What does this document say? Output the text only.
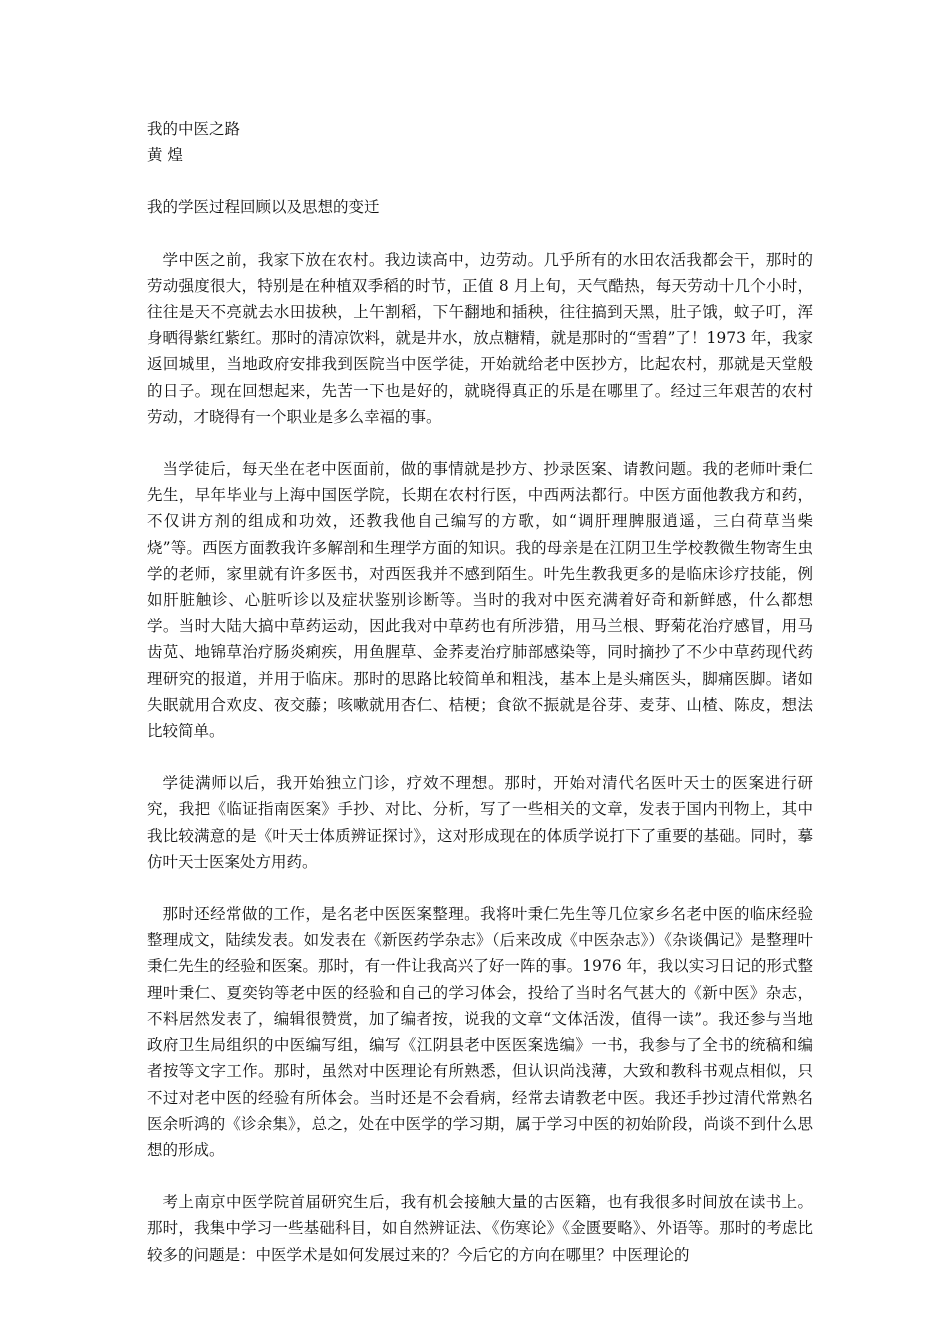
我的中医之路

黄 煌

我的学医过程回顾以及思想的变迁

学中医之前，我家下放在农村。我边读高中，边劳动。几乎所有的水田农活我都会干，那时的劳动强度很大，特别是在种植双季稻的时节，正值 8 月上旬，天气酷热，每天劳动十几个小时，往往是天不亮就去水田拔秧，上午割稻，下午翻地和插秧，往往搞到天黑，肚子饿，蚊子叮，浑身晒得紫红紫红。那时的清凉饮料，就是井水，放点糖精，就是那时的“雪碧”了！1973 年，我家返回城里，当地政府安排我到医院当中医学徒，开始就给老中医抄方，比起农村，那就是天堂般的日子。现在回想起来，先苦一下也是好的，就晓得真正的乐是在哪里了。经过三年艰苦的农村劳动，才晓得有一个职业是多么幸福的事。

当学徒后，每天坐在老中医面前，做的事情就是抄方、抄录医案、请教问题。我的老师叶秉仁先生，早年毕业与上海中国医学院，长期在农村行医，中西两法都行。中医方面他教我方和药，不仅讲方剂的组成和功效，还教我他自己编写的方歌，如“调肝理脾服逍遥，三白荷草当柴烧”等。西医方面教我许多解剖和生理学方面的知识。我的母亲是在江阴卫生学校教微生物寄生虫学的老师，家里就有许多医书，对西医我并不感到陌生。叶先生教我更多的是临床诊疗技能，例如肝脏触诊、心脏听诊以及症状鉴别诊断等。当时的我对中医充满着好奇和新鲜感，什么都想学。当时大陆大搞中草药运动，因此我对中草药也有所涉猎，用马兰根、野菊花治疗感冒，用马齿苋、地锦草治疗肠炎痢疾，用鱼腥草、金荞麦治疗肺部感染等，同时摘抄了不少中草药现代药理研究的报道，并用于临床。那时的思路比较简单和粗浅，基本上是头痛医头，脚痛医脚。诸如失眠就用合欢皮、夜交藤；咳嗽就用杏仁、桔梗；食欲不振就是谷芽、麦芽、山楂、陈皮，想法比较简单。

学徒满师以后，我开始独立门诊，疗效不理想。那时，开始对清代名医叶天士的医案进行研究，我把《临证指南医案》手抄、对比、分析，写了一些相关的文章，发表于国内刊物上，其中我比较满意的是《叶天士体质辨证探讨》，这对形成现在的体质学说打下了重要的基础。同时，摹仿叶天士医案处方用药。

那时还经常做的工作，是名老中医医案整理。我将叶秉仁先生等几位家乡名老中医的临床经验整理成文，陆续发表。如发表在《新医药学杂志》（后来改成《中医杂志》）《杂谈偶记》是整理叶秉仁先生的经验和医案。那时，有一件让我高兴了好一阵的事。1976 年，我以实习日记的形式整理叶秉仁、夏奕钧等老中医的经验和自己的学习体会，投给了当时名气甚大的《新中医》杂志，不料居然发表了，编辑很赞赏，加了编者按，说我的文章“文体活泼，值得一读”。我还参与当地政府卫生局组织的中医编写组，编写《江阴县老中医医案选编》一书，我参与了全书的统稿和编者按等文字工作。那时，虽然对中医理论有所熟悉，但认识尚浅薄，大致和教科书观点相似，只不过对老中医的经验有所体会。当时还是不会看病，经常去请教老中医。我还手抄过清代常熟名医余听鸿的《诊余集》，总之，处在中医学的学习期，属于学习中医的初始阶段，尚谈不到什么思想的形成。

考上南京中医学院首届研究生后，我有机会接触大量的古医籍，也有我很多时间放在读书上。那时，我集中学习一些基础科目，如自然辨证法、《伤寒论》《金匮要略》、外语等。那时的考虑比较多的问题是：中医学术是如何发展过来的？今后它的方向在哪里？中医理论的
